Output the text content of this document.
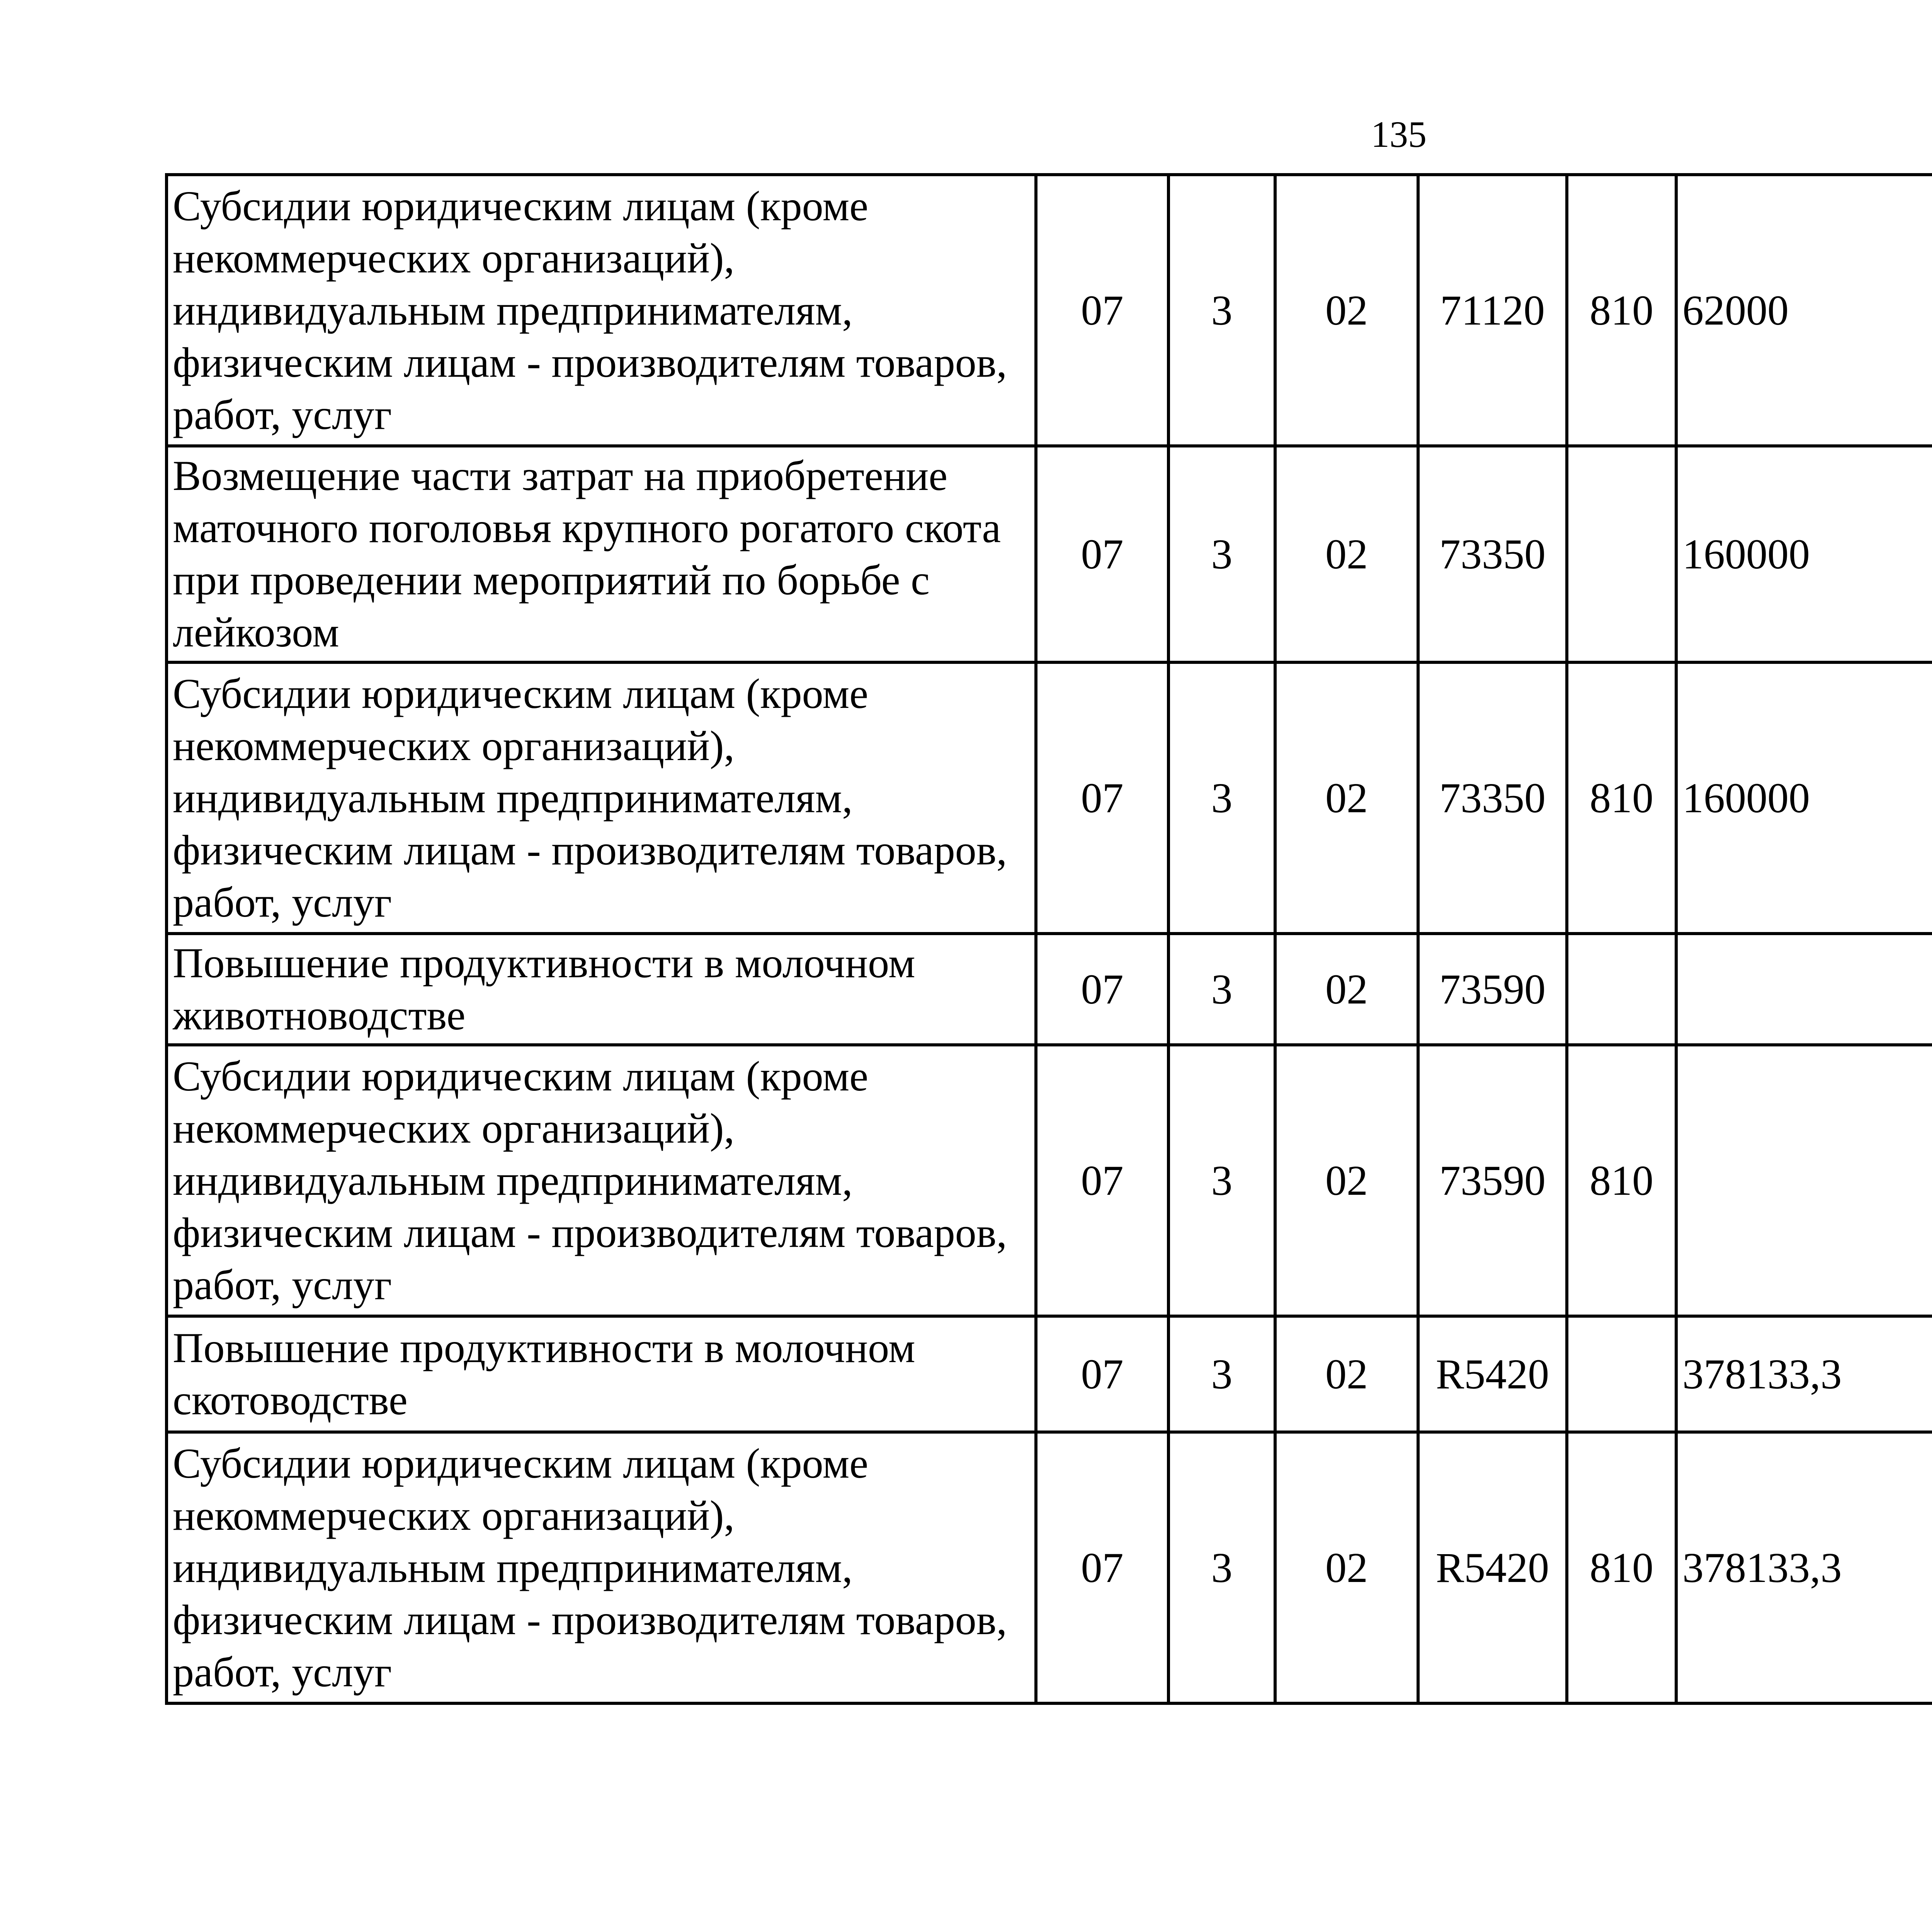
135
Субсидии юридическим лицам (кроме некоммерческих организаций), индивидуальным предпринимателям, физическим лицам - производителям товаров, работ, услуг	07	3	02	71120	810	62000		
Возмещение части затрат на приобретение маточного поголовья крупного рогатого скота при проведении мероприятий по борьбе с лейкозом	07	3	02	73350		160000		
Субсидии юридическим лицам (кроме некоммерческих организаций), индивидуальным предпринимателям, физическим лицам - производителям товаров, работ, услуг	07	3	02	73350	810	160000		
Повышение продуктивности в молочном животноводстве	07	3	02	73590				
Субсидии юридическим лицам (кроме некоммерческих организаций), индивидуальным предпринимателям, физическим лицам - производителям товаров, работ, услуг	07	3	02	73590	810			
Повышение продуктивности в молочном скотоводстве	07	3	02	R5420		378133,3		
Субсидии юридическим лицам (кроме некоммерческих организаций), индивидуальным предпринимателям, физическим лицам - производителям товаров, работ, услуг	07	3	02	R5420	810	378133,3		
